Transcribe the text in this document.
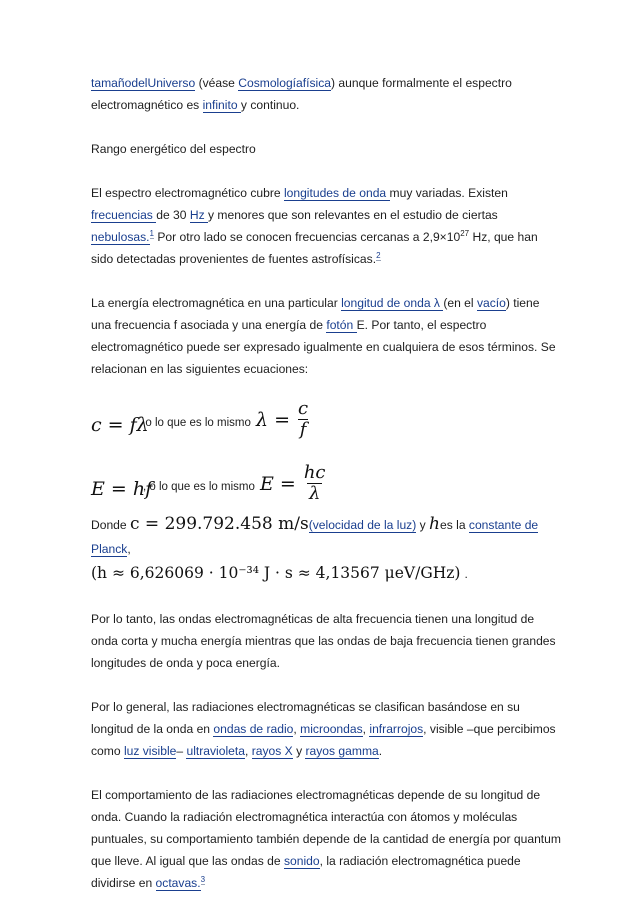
tamañodelUniverso (véase Cosmologíafísica) aunque formalmente el espectro electromagnético es infinito y continuo.

Rango energético del espectro

El espectro electromagnético cubre longitudes de onda muy variadas. Existen frecuencias de 30 Hz y menores que son relevantes en el estudio de ciertas nebulosas.$^1$ Por otro lado se conocen frecuencias cercanas a $2,9\times 10^{27}$ Hz, que han sido detectadas provenientes de fuentes astrofísicas.$^2$

La energía electromagnética en una particular longitud de onda λ (en el vacío) tiene una frecuencia f asociada y una energía de fotón E. Por tanto, el espectro electromagnético puede ser expresado igualmente en cualquiera de esos términos. Se relacionan en las siguientes ecuaciones:

c = fλ
, o lo que es lo mismo $\lambda = \frac{c}{f}$
E = hf
, o lo que es lo mismo $E = \frac{hc}{\lambda}$

Donde c = 299.792.458 m/s(velocidad de la luz) y hes la constante de Planck,
(h ≈ 6,626069 · 10⁻³⁴ J · s ≈ 4,13567 μeV/GHz) .

Por lo tanto, las ondas electromagnéticas de alta frecuencia tienen una longitud de onda corta y mucha energía mientras que las ondas de baja frecuencia tienen grandes longitudes de onda y poca energía.

Por lo general, las radiaciones electromagnéticas se clasifican basándose en su longitud de la onda en ondas de radio, microondas, infrarrojos, visible –que percibimos como luz visible– ultravioleta, rayos X y rayos gamma.

El comportamiento de las radiaciones electromagnéticas depende de su longitud de onda. Cuando la radiación electromagnética interactúa con átomos y moléculas puntuales, su comportamiento también depende de la cantidad de energía por quantum que lleve. Al igual que las ondas de sonido, la radiación electromagnética puede dividirse en octavas.$^3$
